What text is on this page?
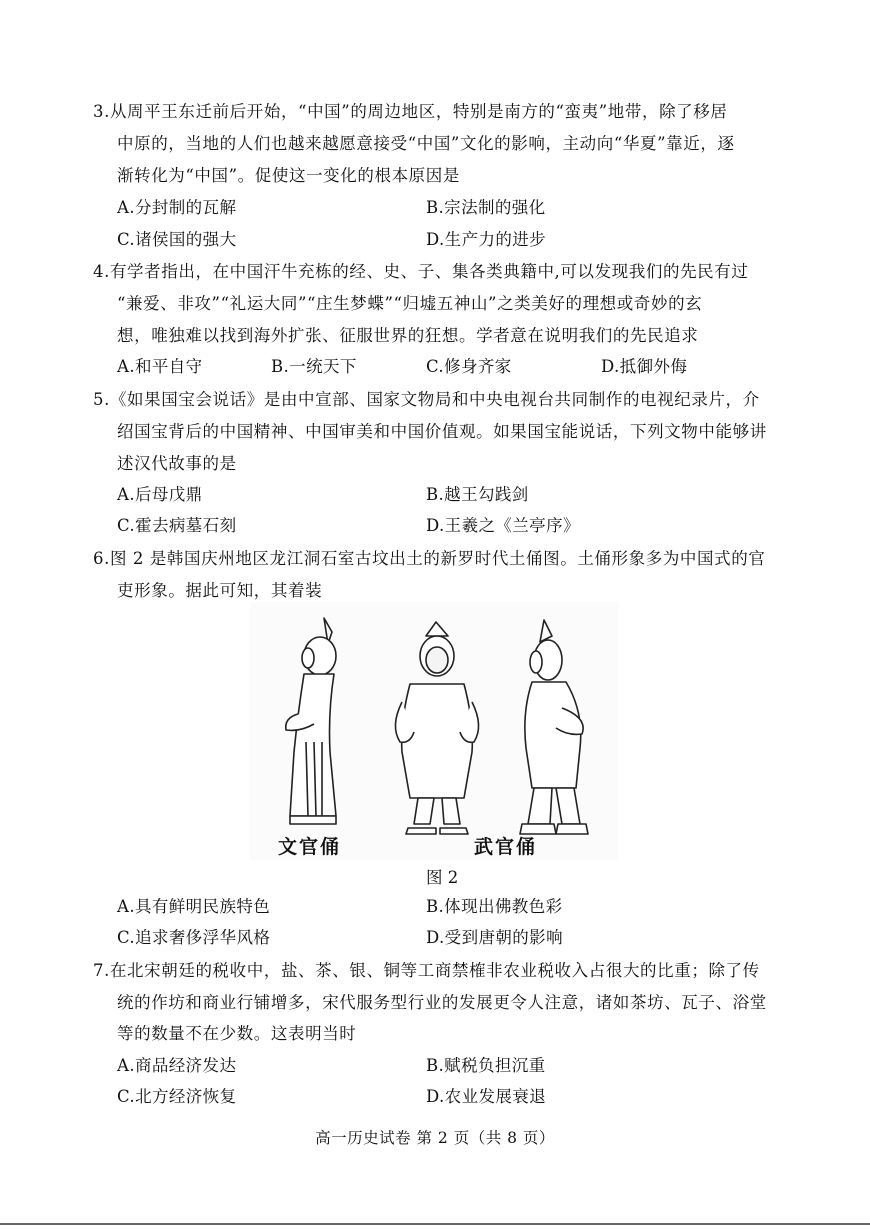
3.从周平王东迁前后开始，“中国”的周边地区，特别是南方的“蛮夷”地带，除了移居
中原的，当地的人们也越来越愿意接受“中国”文化的影响，主动向“华夏”靠近，逐
渐转化为“中国”。促使这一变化的根本原因是
A.分封制的瓦解	B.宗法制的强化
C.诸侯国的强大	D.生产力的进步
4.有学者指出，在中国汗牛充栋的经、史、子、集各类典籍中,可以发现我们的先民有过
“兼爱、非攻”“礼运大同”“庄生梦蝶”“归墟五神山”之类美好的理想或奇妙的玄
想，唯独难以找到海外扩张、征服世界的狂想。学者意在说明我们的先民追求
A.和平自守	B.一统天下	C.修身齐家	D.抵御外侮
5.《如果国宝会说话》是由中宣部、国家文物局和中央电视台共同制作的电视纪录片，介
绍国宝背后的中国精神、中国审美和中国价值观。如果国宝能说话，下列文物中能够讲
述汉代故事的是
A.后母戊鼎	B.越王勾践剑
C.霍去病墓石刻	D.王羲之《兰亭序》
6.图 2 是韩国庆州地区龙江洞石室古坟出土的新罗时代土俑图。土俑形象多为中国式的官
吏形象。据此可知，其着装
文官俑	武官俑
图 2
A.具有鲜明民族特色	B.体现出佛教色彩
C.追求奢侈浮华风格	D.受到唐朝的影响
7.在北宋朝廷的税收中，盐、茶、银、铜等工商禁榷非农业税收入占很大的比重；除了传
统的作坊和商业行铺增多，宋代服务型行业的发展更令人注意，诸如茶坊、瓦子、浴堂
等的数量不在少数。这表明当时
A.商品经济发达	B.赋税负担沉重
C.北方经济恢复	D.农业发展衰退
高一历史试卷 第 2 页（共 8 页）
